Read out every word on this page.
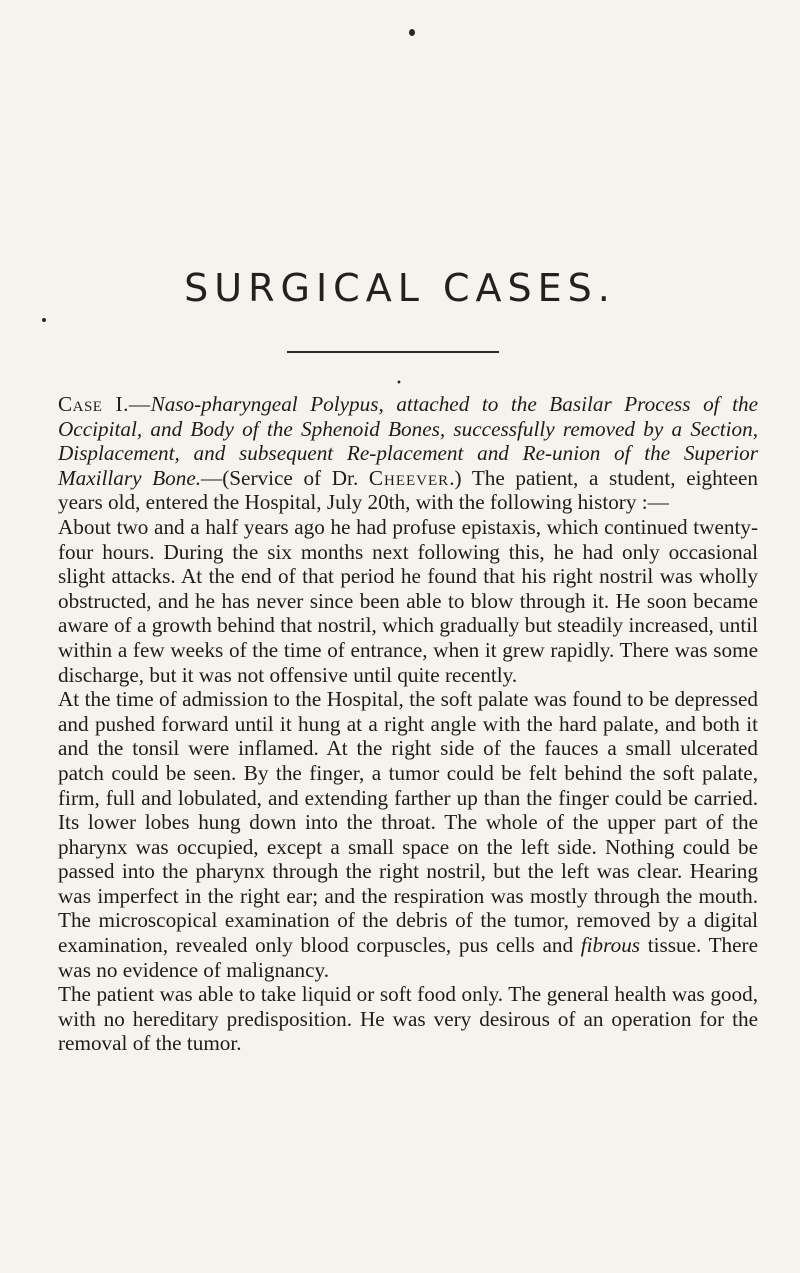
SURGICAL CASES.
•

Case I.—Naso-pharyngeal Polypus, attached to the Basilar Process of the Occipital, and Body of the Sphenoid Bones, successfully removed by a Section, Displacement, and subsequent Re-placement and Re-union of the Superior Maxillary Bone.—(Service of Dr. Cheever.) The patient, a student, eighteen years old, entered the Hospital, July 20th, with the following history :—

About two and a half years ago he had profuse epistaxis, which continued twenty-four hours. During the six months next following this, he had only occasional slight attacks. At the end of that period he found that his right nostril was wholly obstructed, and he has never since been able to blow through it. He soon became aware of a growth behind that nostril, which gradually but steadily increased, until within a few weeks of the time of entrance, when it grew rapidly. There was some discharge, but it was not offensive until quite recently.

At the time of admission to the Hospital, the soft palate was found to be depressed and pushed forward until it hung at a right angle with the hard palate, and both it and the tonsil were inflamed. At the right side of the fauces a small ulcerated patch could be seen. By the finger, a tumor could be felt behind the soft palate, firm, full and lobulated, and extending farther up than the finger could be carried. Its lower lobes hung down into the throat. The whole of the upper part of the pharynx was occupied, except a small space on the left side. Nothing could be passed into the pharynx through the right nostril, but the left was clear. Hearing was imperfect in the right ear; and the respiration was mostly through the mouth. The microscopical examination of the debris of the tumor, removed by a digital examination, revealed only blood corpuscles, pus cells and fibrous tissue. There was no evidence of malignancy.

The patient was able to take liquid or soft food only. The general health was good, with no hereditary predisposition. He was very desirous of an operation for the removal of the tumor.
